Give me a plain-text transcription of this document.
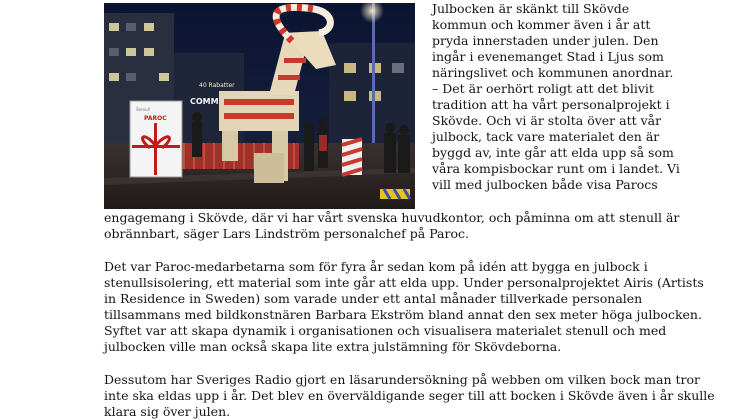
40 Rabatter
COMM
Stenull
PAROC
Julbocken är skänkt till Skövde
kommun och kommer även i år att
pryda innerstaden under julen. Den
ingår i evenemanget Stad i Ljus som
näringslivet och kommunen anordnar.
– Det är oerhört roligt att det blivit
tradition att ha vårt personalprojekt i
Skövde. Och vi är stolta över att vår
julbock, tack vare materialet den är
byggd av, inte går att elda upp så som
våra kompisbockar runt om i landet. Vi
vill med julbocken både visa Parocs
engagemang i Skövde, där vi har vårt svenska huvudkontor, och påminna om att stenull är
obrännbart, säger Lars Lindström personalchef på Paroc.
Det var Paroc-medarbetarna som för fyra år sedan kom på idén att bygga en julbock i
stenullsisolering, ett material som inte går att elda upp. Under personalprojektet Airis (Artists
in Residence in Sweden) som varade under ett antal månader tillverkade personalen
tillsammans med bildkonstnären Barbara Ekström bland annat den sex meter höga julbocken.
Syftet var att skapa dynamik i organisationen och visualisera materialet stenull och med
julbocken ville man också skapa lite extra julstämning för Skövdeborna.
Dessutom har Sveriges Radio gjort en läsarundersökning på webben om vilken bock man tror
inte ska eldas upp i år. Det blev en överväldigande seger till att bocken i Skövde även i år skulle
klara sig över julen.
